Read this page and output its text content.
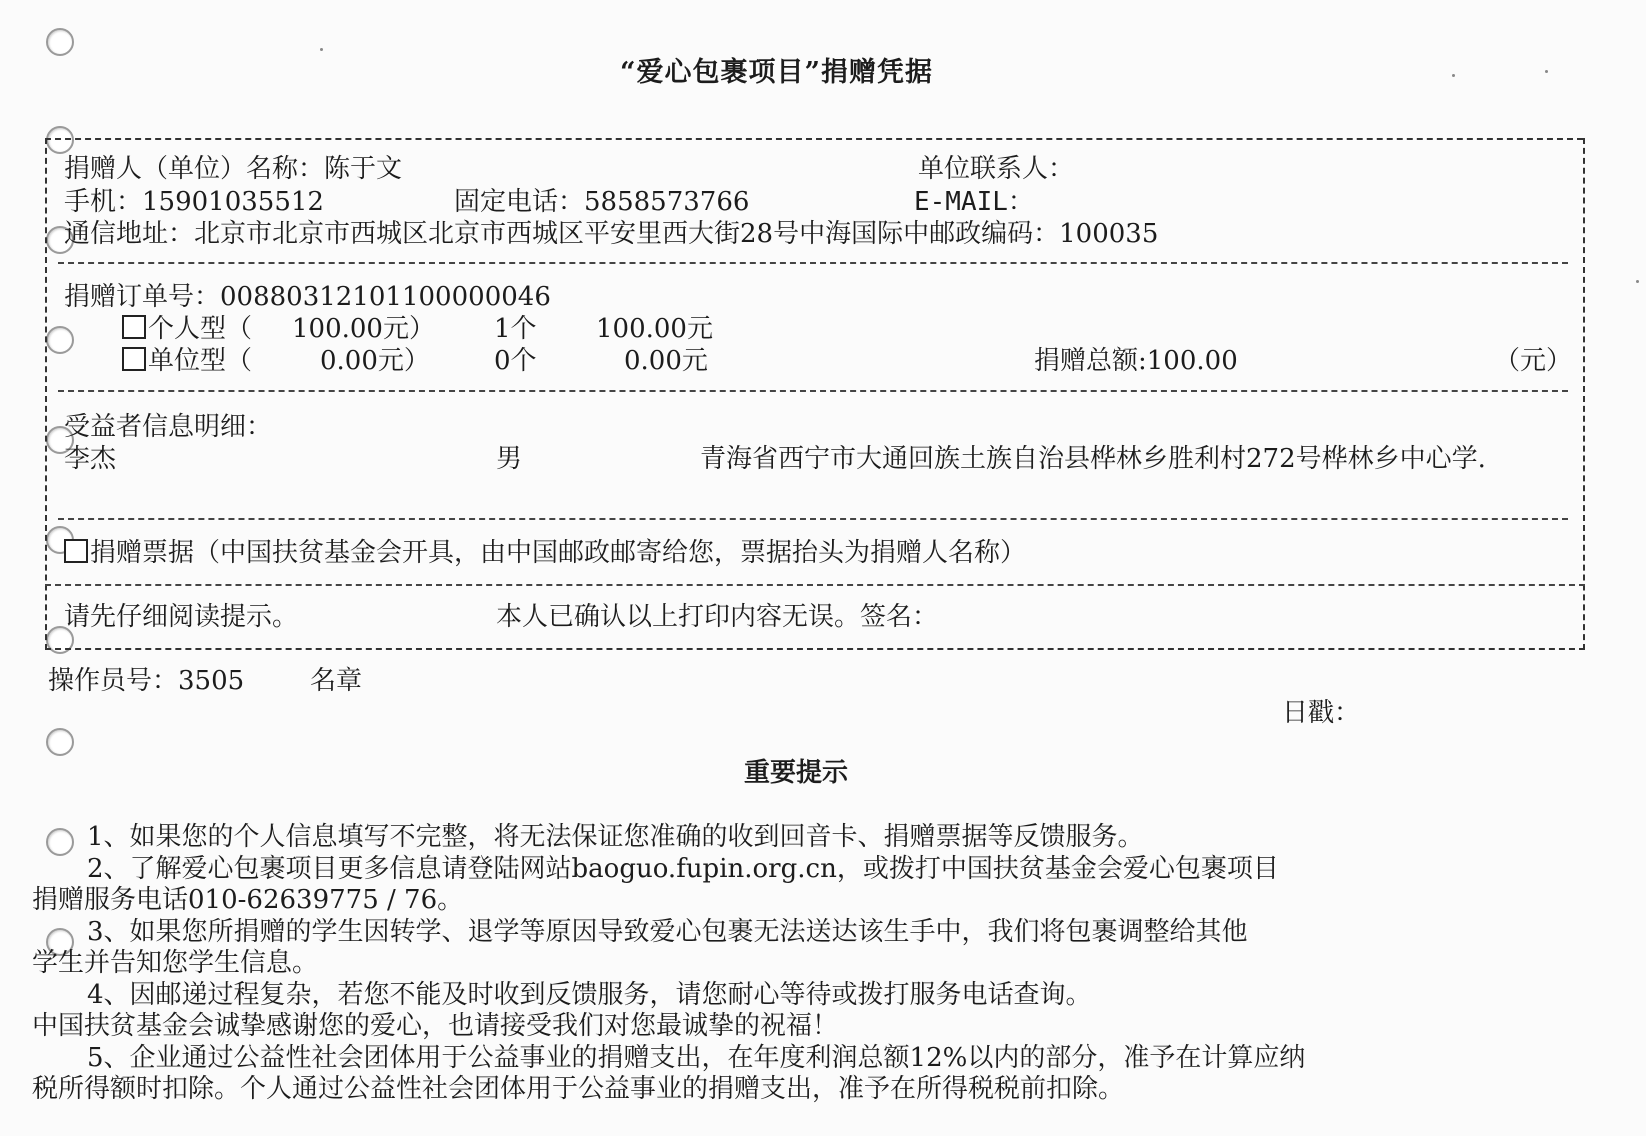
“爱心包裹项目”捐赠凭据
捐赠人（单位）名称：陈于文	单位联系人：
手机：15901035512	固定电话：5858573766	E-MAIL：
通信地址：北京市北京市西城区北京市西城区平安里西大街28号中海国际中邮政编码：100035
捐赠订单号：00880312101100000046
个人型（ 100.00元） 1个 100.00元
单位型（	0.00元） 0个	0.00元	捐赠总额:100.00	（元）
受益者信息明细：
李杰	男	青海省西宁市大通回族土族自治县桦林乡胜利村272号桦林乡中心学.
捐赠票据（中国扶贫基金会开具，由中国邮政邮寄给您，票据抬头为捐赠人名称）
请先仔细阅读提示。	本人已确认以上打印内容无误。签名：
操作员号：3505	名章
日戳：
重要提示

1、如果您的个人信息填写不完整，将无法保证您准确的收到回音卡、捐赠票据等反馈服务。

2、了解爱心包裹项目更多信息请登陆网站baoguo.fupin.org.cn，或拨打中国扶贫基金会爱心包裹项目

捐赠服务电话010-62639775 / 76。

3、如果您所捐赠的学生因转学、退学等原因导致爱心包裹无法送达该生手中，我们将包裹调整给其他

学生并告知您学生信息。

4、因邮递过程复杂，若您不能及时收到反馈服务，请您耐心等待或拨打服务电话查询。

中国扶贫基金会诚挚感谢您的爱心，也请接受我们对您最诚挚的祝福！

5、企业通过公益性社会团体用于公益事业的捐赠支出，在年度利润总额12%以内的部分，准予在计算应纳

税所得额时扣除。个人通过公益性社会团体用于公益事业的捐赠支出，准予在所得税税前扣除。
